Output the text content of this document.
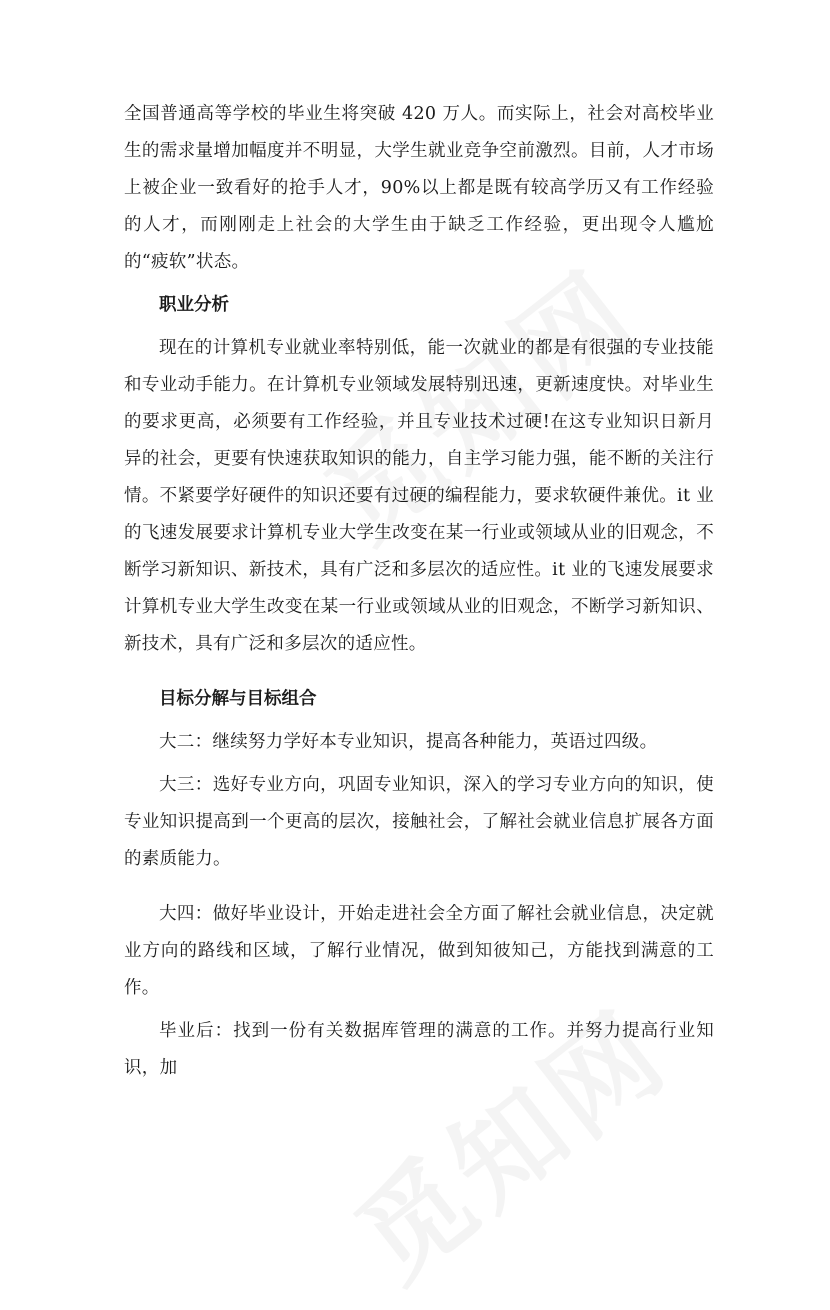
全国普通高等学校的毕业生将突破 420 万人。而实际上，社会对高校毕业生的需求量增加幅度并不明显，大学生就业竞争空前激烈。目前，人才市场上被企业一致看好的抢手人才，90%以上都是既有较高学历又有工作经验的人才，而刚刚走上社会的大学生由于缺乏工作经验，更出现令人尴尬的“疲软”状态。

职业分析

现在的计算机专业就业率特别低，能一次就业的都是有很强的专业技能和专业动手能力。在计算机专业领域发展特别迅速，更新速度快。对毕业生的要求更高，必须要有工作经验，并且专业技术过硬!在这专业知识日新月异的社会，更要有快速获取知识的能力，自主学习能力强，能不断的关注行情。不紧要学好硬件的知识还要有过硬的编程能力，要求软硬件兼优。it 业的飞速发展要求计算机专业大学生改变在某一行业或领域从业的旧观念，不断学习新知识、新技术，具有广泛和多层次的适应性。it 业的飞速发展要求计算机专业大学生改变在某一行业或领域从业的旧观念，不断学习新知识、新技术，具有广泛和多层次的适应性。

目标分解与目标组合

大二：继续努力学好本专业知识，提高各种能力，英语过四级。

大三：选好专业方向，巩固专业知识，深入的学习专业方向的知识，使专业知识提高到一个更高的层次，接触社会，了解社会就业信息扩展各方面的素质能力。

大四：做好毕业设计，开始走进社会全方面了解社会就业信息，决定就业方向的路线和区域，了解行业情况，做到知彼知己，方能找到满意的工作。

毕业后：找到一份有关数据库管理的满意的工作。并努力提高行业知识，加
